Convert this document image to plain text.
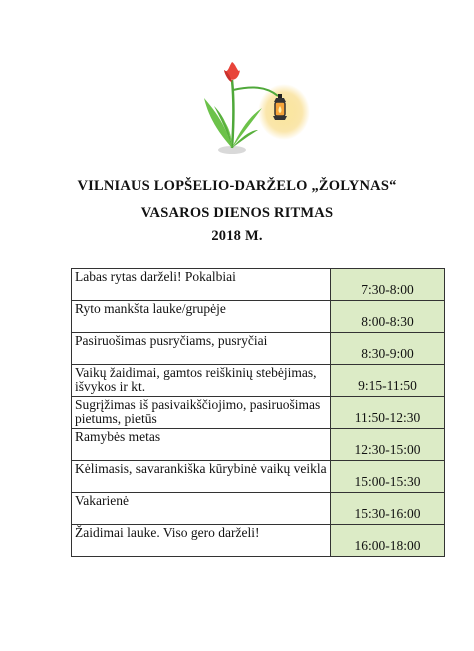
VILNIAUS LOPŠELIO-DARŽELO „ŽOLYNAS“
VASAROS DIENOS RITMAS
2018 M.
Labas rytas darželi! Pokalbiai	7:30-8:00
Ryto mankšta lauke/grupėje	8:00-8:30
Pasiruošimas pusryčiams, pusryčiai	8:30-9:00
Vaikų žaidimai, gamtos reiškinių stebėjimas, išvykos ir kt.	9:15-11:50
Sugrįžimas iš pasivaikščiojimo, pasiruošimas pietums, pietūs	11:50-12:30
Ramybės metas	12:30-15:00
Kėlimasis, savarankiška kūrybinė vaikų veikla	15:00-15:30
Vakarienė	15:30-16:00
Žaidimai lauke. Viso gero darželi!	16:00-18:00
